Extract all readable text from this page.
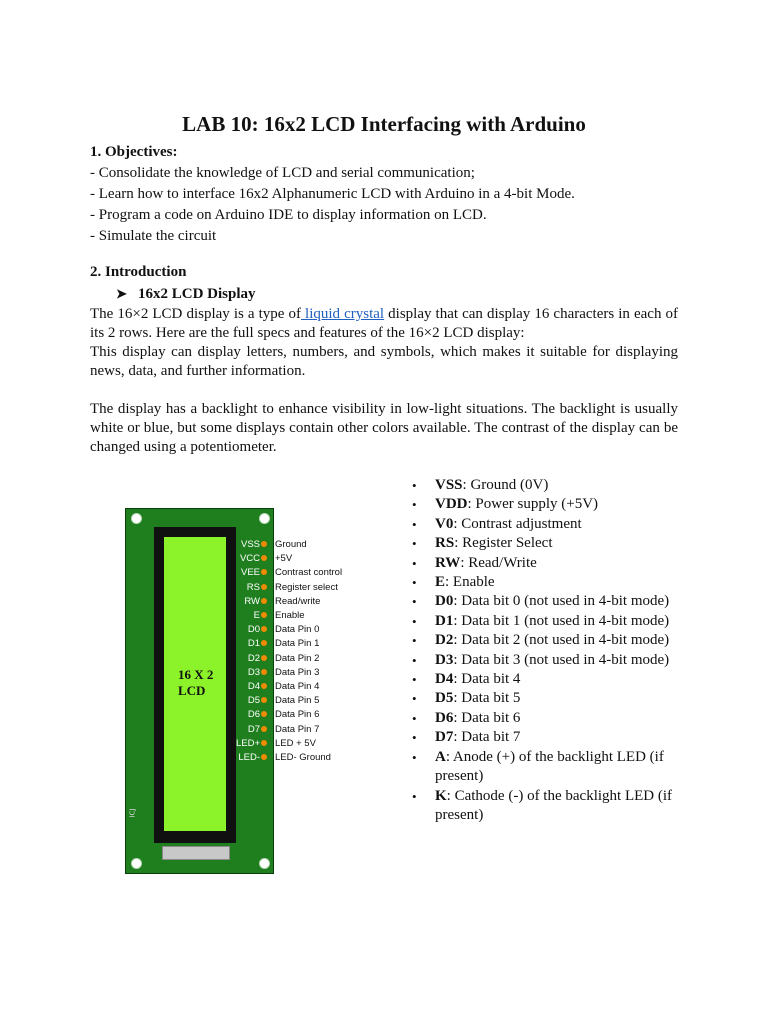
LAB 10: 16x2 LCD Interfacing with Arduino

1. Objectives:

- Consolidate the knowledge of LCD and serial communication;

- Learn how to interface 16x2 Alphanumeric LCD with Arduino in a 4-bit Mode.

- Program a code on Arduino IDE to display information on LCD.

- Simulate the circuit

2. Introduction

➤ 16x2 LCD Display

The 16×2 LCD display is a type of liquid crystal display that can display 16 characters in each of its 2 rows. Here are the full specs and features of the 16×2 LCD display:

This display can display letters, numbers, and symbols, which makes it suitable for displaying news, data, and further information.

The display has a backlight to enhance visibility in low-light situations. The backlight is usually white or blue, but some displays contain other colors available. The contrast of the display can be changed using a potentiometer.

16 X 2
LCD
ICJ
VSS Ground
VCC +5V
VEE Contrast control
RS Register select
RW Read/write
E Enable
D0 Data Pin 0
D1 Data Pin 1
D2 Data Pin 2
D3 Data Pin 3
D4 Data Pin 4
D5 Data Pin 5
D6 Data Pin 6
D7 Data Pin 7
LED+ LED + 5V
LED- LED- Ground
• VSS: Ground (0V)
• VDD: Power supply (+5V)
• V0: Contrast adjustment
• RS: Register Select
• RW: Read/Write
• E: Enable
• D0: Data bit 0 (not used in 4-bit mode)
• D1: Data bit 1 (not used in 4-bit mode)
• D2: Data bit 2 (not used in 4-bit mode)
• D3: Data bit 3 (not used in 4-bit mode)
• D4: Data bit 4
• D5: Data bit 5
• D6: Data bit 6
• D7: Data bit 7
• A: Anode (+) of the backlight LED (if present)
• K: Cathode (-) of the backlight LED (if present)
